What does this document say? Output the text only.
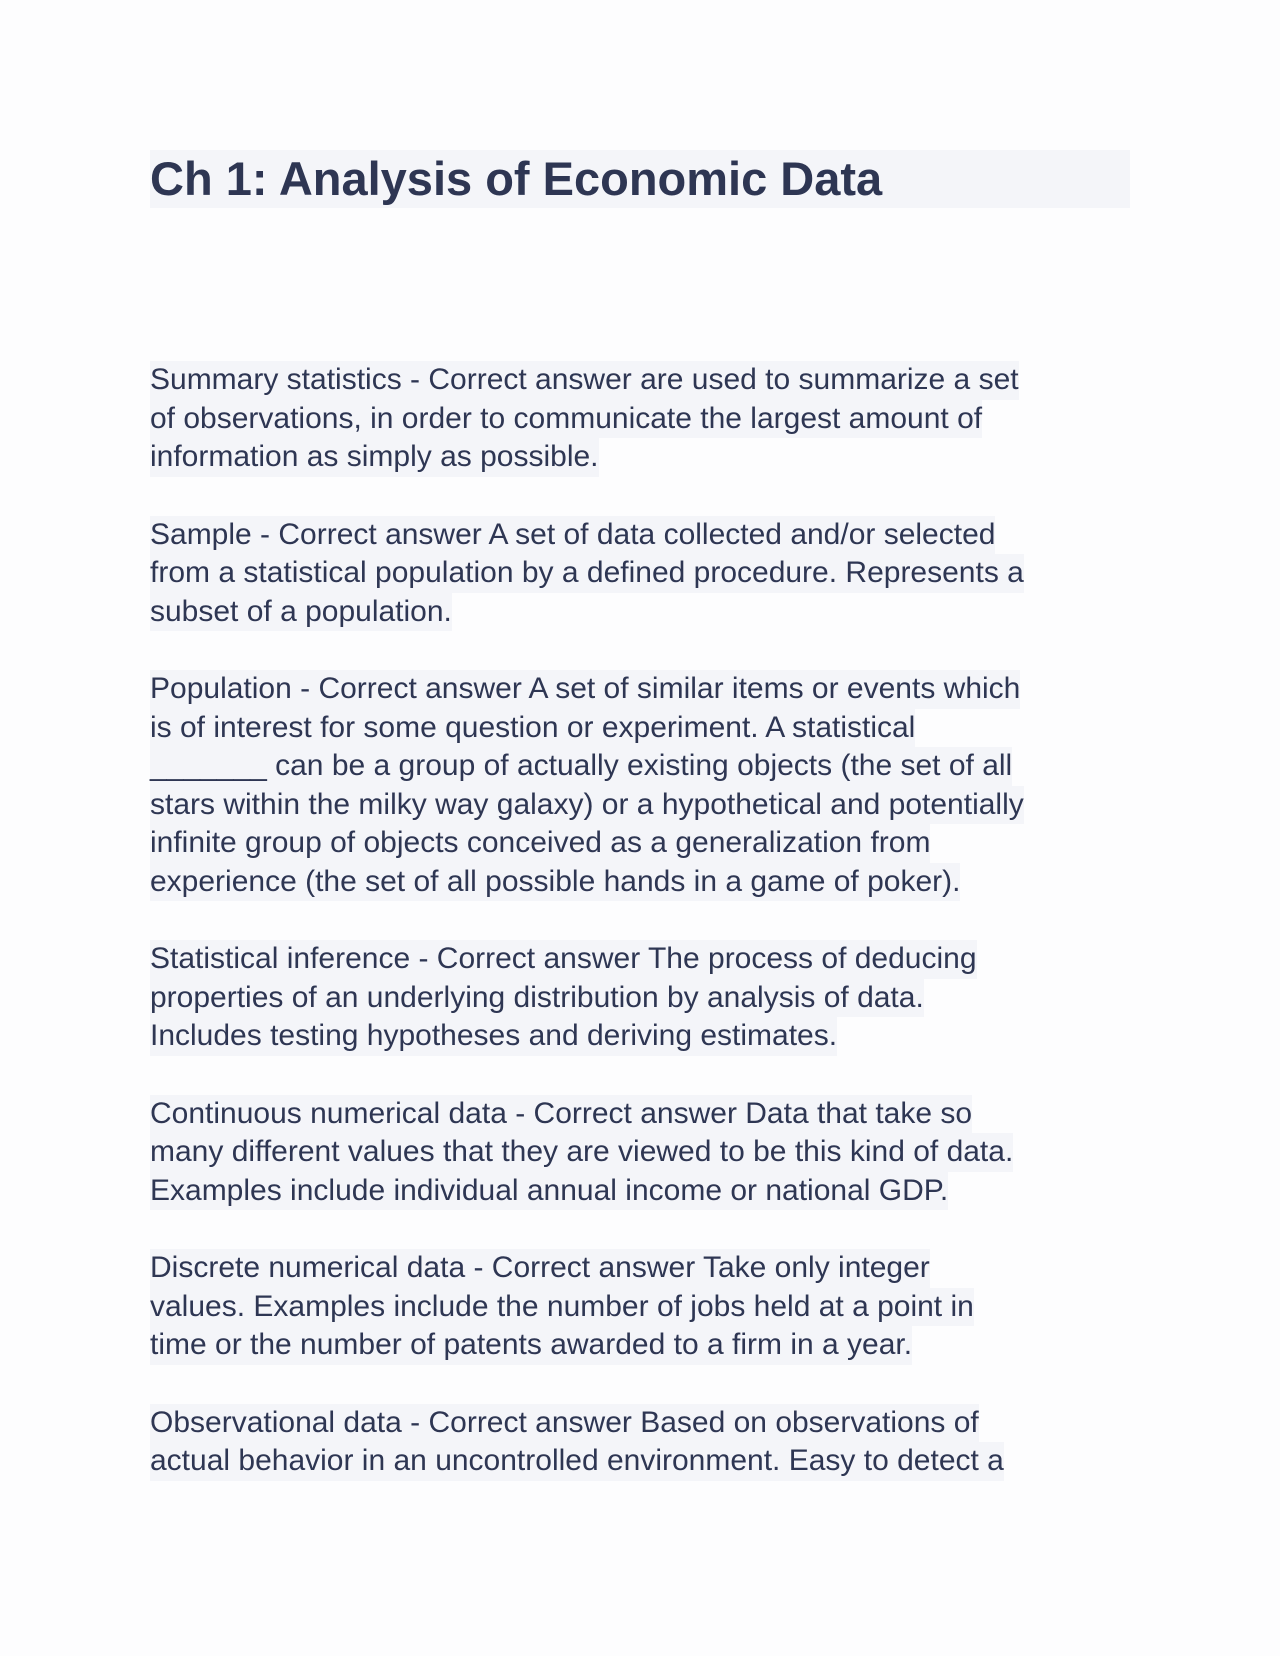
Ch 1: Analysis of Economic Data
Summary statistics - Correct answer are used to summarize a set
of observations, in order to communicate the largest amount of
information as simply as possible.
Sample - Correct answer A set of data collected and/or selected
from a statistical population by a defined procedure. Represents a
subset of a population.
Population - Correct answer A set of similar items or events which
is of interest for some question or experiment. A statistical
_______ can be a group of actually existing objects (the set of all
stars within the milky way galaxy) or a hypothetical and potentially
infinite group of objects conceived as a generalization from
experience (the set of all possible hands in a game of poker).
Statistical inference - Correct answer The process of deducing
properties of an underlying distribution by analysis of data.
Includes testing hypotheses and deriving estimates.
Continuous numerical data - Correct answer Data that take so
many different values that they are viewed to be this kind of data.
Examples include individual annual income or national GDP.
Discrete numerical data - Correct answer Take only integer
values. Examples include the number of jobs held at a point in
time or the number of patents awarded to a firm in a year.
Observational data - Correct answer Based on observations of
actual behavior in an uncontrolled environment. Easy to detect a
